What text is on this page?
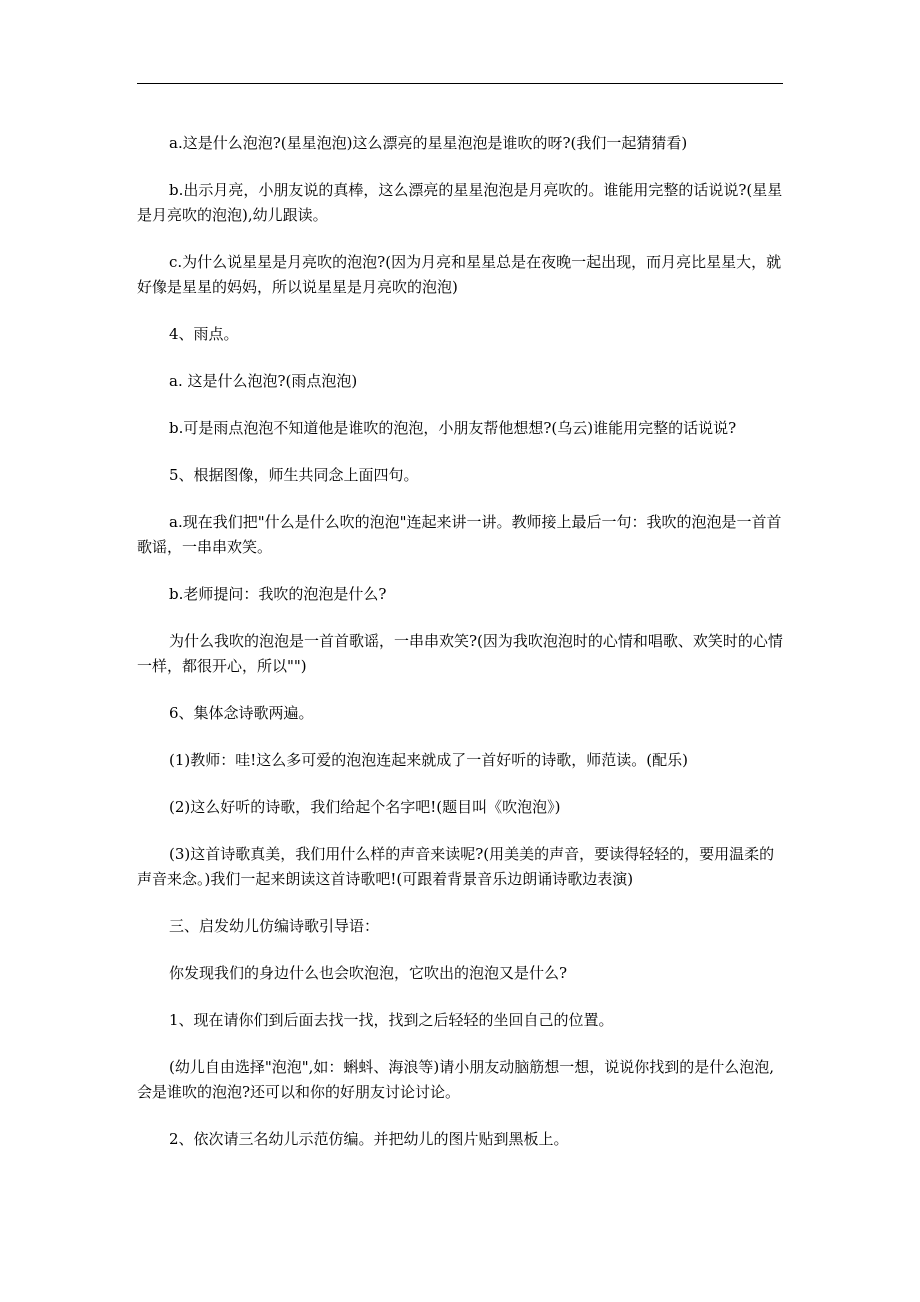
a.这是什么泡泡?(星星泡泡)这么漂亮的星星泡泡是谁吹的呀?(我们一起猜猜看)

b.出示月亮，小朋友说的真棒，这么漂亮的星星泡泡是月亮吹的。谁能用完整的话说说?(星星是月亮吹的泡泡),幼儿跟读。

c.为什么说星星是月亮吹的泡泡?(因为月亮和星星总是在夜晚一起出现，而月亮比星星大，就好像是星星的妈妈，所以说星星是月亮吹的泡泡)

4、雨点。

a. 这是什么泡泡?(雨点泡泡)

b.可是雨点泡泡不知道他是谁吹的泡泡，小朋友帮他想想?(乌云)谁能用完整的话说说?

5、根据图像，师生共同念上面四句。

a.现在我们把"什么是什么吹的泡泡"连起来讲一讲。教师接上最后一句：我吹的泡泡是一首首歌谣，一串串欢笑。

b.老师提问：我吹的泡泡是什么?

为什么我吹的泡泡是一首首歌谣，一串串欢笑?(因为我吹泡泡时的心情和唱歌、欢笑时的心情一样，都很开心，所以"")

6、集体念诗歌两遍。

(1)教师：哇!这么多可爱的泡泡连起来就成了一首好听的诗歌，师范读。(配乐)

(2)这么好听的诗歌，我们给起个名字吧!(题目叫《吹泡泡》)

(3)这首诗歌真美，我们用什么样的声音来读呢?(用美美的声音，要读得轻轻的，要用温柔的声音来念。)我们一起来朗读这首诗歌吧!(可跟着背景音乐边朗诵诗歌边表演)

三、启发幼儿仿编诗歌引导语：

你发现我们的身边什么也会吹泡泡，它吹出的泡泡又是什么?

1、现在请你们到后面去找一找，找到之后轻轻的坐回自己的位置。

(幼儿自由选择"泡泡",如：蝌蚪、海浪等)请小朋友动脑筋想一想，说说你找到的是什么泡泡,会是谁吹的泡泡?还可以和你的好朋友讨论讨论。

2、依次请三名幼儿示范仿编。并把幼儿的图片贴到黑板上。
